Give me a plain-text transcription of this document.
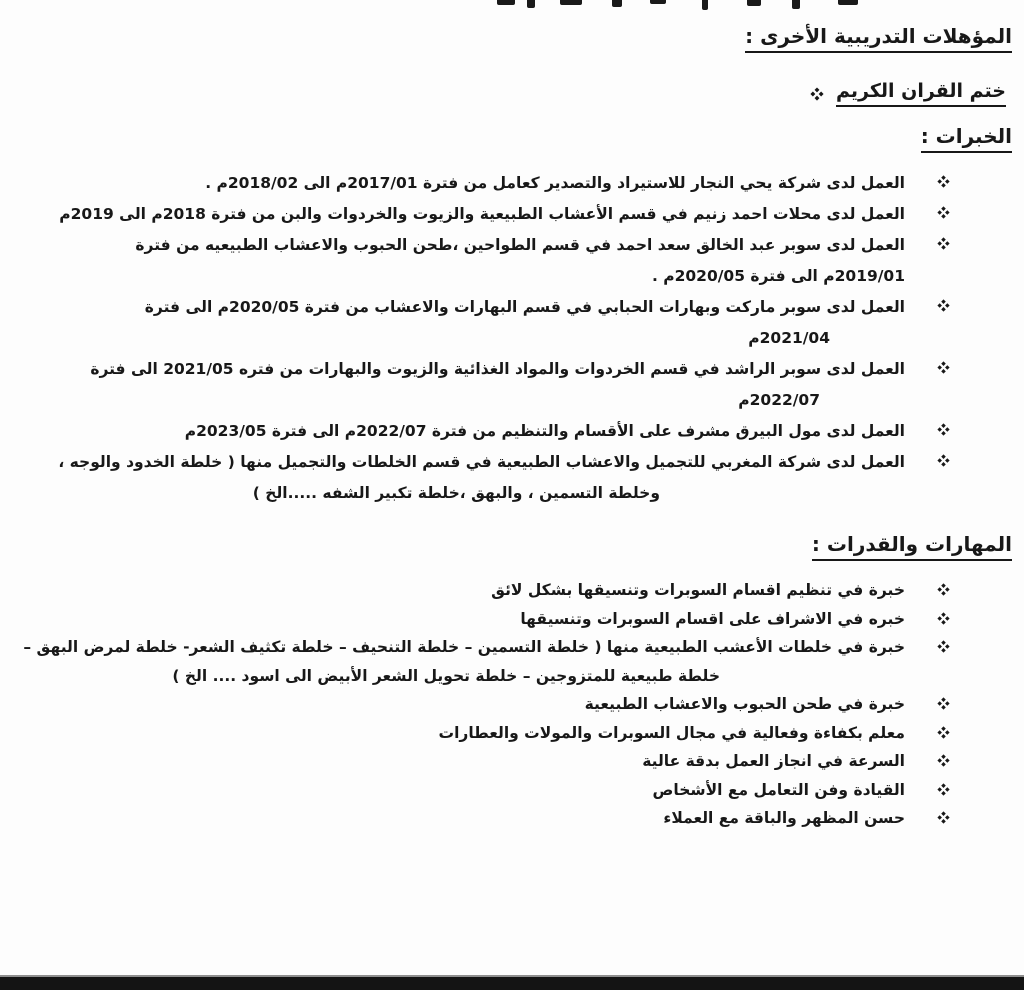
المؤهلات التدريبية الأخرى :
ختم القران الكريم
الخبرات :
العمل لدى شركة يحي النجار للاستيراد والتصدير كعامل من فترة 2017/01م الى 2018/02م .
العمل لدى محلات احمد زنيم في قسم الأعشاب الطبيعية والزيوت والخردوات والبن من فترة 2018م الى 2019م
العمل لدى سوبر عبد الخالق سعد احمد في قسم الطواحين ،طحن الحبوب والاعشاب الطبيعيه من فترة
2019/01م الى فترة 2020/05م .
العمل لدى سوبر ماركت وبهارات الحبابي في قسم البهارات والاعشاب من فترة 2020/05م الى فترة
2021/04م
العمل لدى سوبر الراشد في قسم الخردوات والمواد الغذائية والزيوت والبهارات من فتره 2021/05 الى فترة
2022/07م
العمل لدى مول البيرق مشرف على الأقسام والتنظيم من فترة 2022/07م الى فترة 2023/05م
العمل لدى شركة المغربي للتجميل والاعشاب الطبيعية في قسم الخلطات والتجميل منها ( خلطة الخدود والوجه ،
وخلطة التسمين ، والبهق ،خلطة تكبير الشفه .....الخ )
المهارات والقدرات :
خبرة في تنظيم اقسام السوبرات وتنسيقها بشكل لائق
خبره في الاشراف على اقسام السوبرات وتنسيقها
خبرة في خلطات الأعشب الطبيعية منها ( خلطة التسمين – خلطة التنحيف – خلطة تكثيف الشعر- خلطة لمرض البهق –
خلطة طبيعية للمتزوجين – خلطة تحويل الشعر الأبيض الى اسود .... الخ )
خبرة في طحن الحبوب والاعشاب الطبيعية
معلم بكفاءة وفعالية في مجال السوبرات والمولات والعطارات
السرعة في انجاز العمل بدقة عالية
القيادة وفن التعامل مع الأشخاص
حسن المظهر والباقة مع العملاء
